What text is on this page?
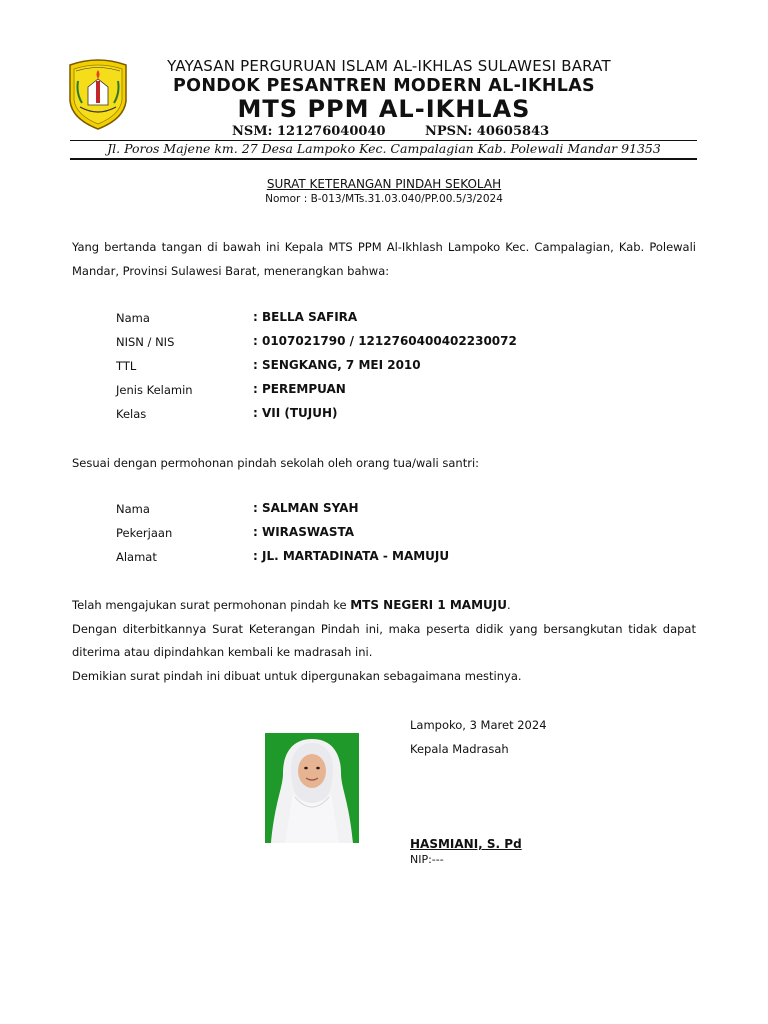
YAYASAN PERGURUAN ISLAM AL-IKHLAS SULAWESI BARAT
PONDOK PESANTREN MODERN AL-IKHLAS
MTS PPM AL-IKHLAS
NSM: 121276040040	NPSN: 40605843
Jl. Poros Majene km. 27 Desa Lampoko Kec. Campalagian Kab. Polewali Mandar 91353
SURAT KETERANGAN PINDAH SEKOLAH
Nomor : B-013/MTs.31.03.040/PP.00.5/3/2024
Yang bertanda tangan di bawah ini Kepala MTS PPM Al-Ikhlash Lampoko Kec. Campalagian, Kab. Polewali Mandar, Provinsi Sulawesi Barat, menerangkan bahwa:
Nama	: BELLA SAFIRA
NISN / NIS	: 0107021790 / 1212760400402230072
TTL	: SENGKANG, 7 MEI 2010
Jenis Kelamin	: PEREMPUAN
Kelas	: VII (TUJUH)
Sesuai dengan permohonan pindah sekolah oleh orang tua/wali santri:
Nama	: SALMAN SYAH
Pekerjaan	: WIRASWASTA
Alamat	: JL. MARTADINATA - MAMUJU
Telah mengajukan surat permohonan pindah ke MTS NEGERI 1 MAMUJU.
Dengan diterbitkannya Surat Keterangan Pindah ini, maka peserta didik yang bersangkutan tidak dapat diterima atau dipindahkan kembali ke madrasah ini.
Demikian surat pindah ini dibuat untuk dipergunakan sebagaimana mestinya.
Lampoko, 3 Maret 2024
Kepala Madrasah
HASMIANI, S. Pd
NIP:---
